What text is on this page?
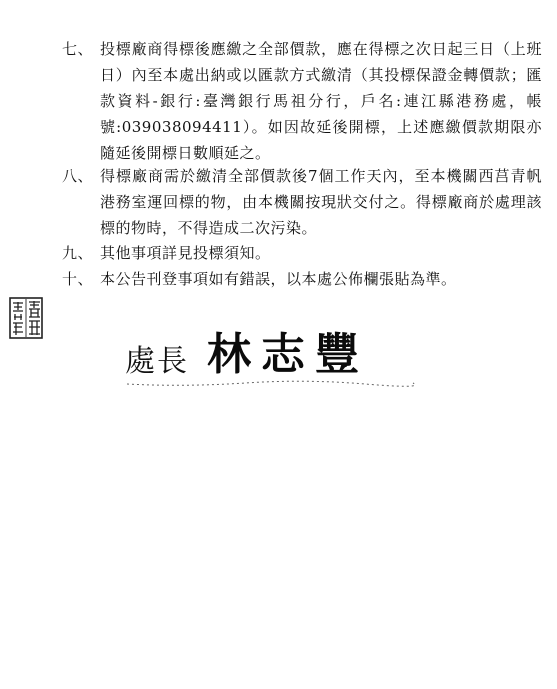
七、 投標廠商得標後應繳之全部價款，應在得標之次日起三日（上班日）內至本處出納或以匯款方式繳清（其投標保證金轉價款；匯款資料-銀行:臺灣銀行馬祖分行，戶名:連江縣港務處，帳號:039038094411）。如因故延後開標，上述應繳價款期限亦隨延後開標日數順延之。
八、 得標廠商需於繳清全部價款後7個工作天內，至本機關西莒青帆港務室運回標的物，由本機關按現狀交付之。得標廠商於處理該標的物時，不得造成二次污染。
九、 其他事項詳見投標須知。
十、 本公告刊登事項如有錯誤，以本處公佈欄張貼為準。
處長 林志豐
